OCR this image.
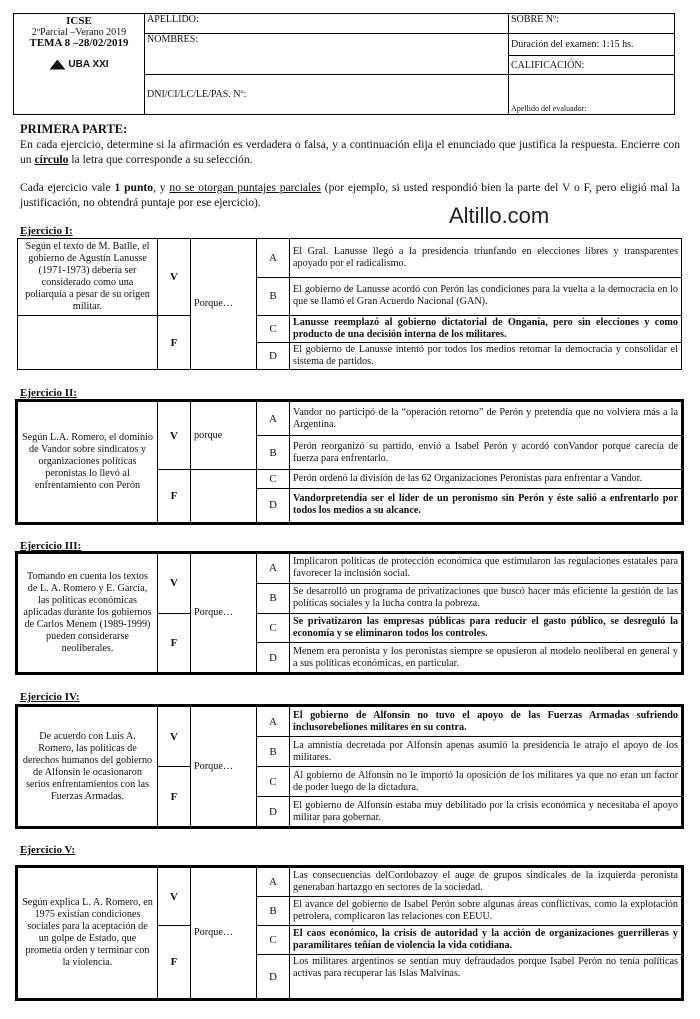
ICSE
2ºParcial –Verano 2019
TEMA 8 –28/02/2019
UBA XXI	APELLIDO:	SOBRE Nº:
	NOMBRES:	Duración del examen: 1:15 hs.
CALIFICACIÓN:

	DNI/CI/LC/LE/PAS. Nº:	Apellido del evaluador:
PRIMERA PARTE:
En cada ejercicio, determine si la afirmación es verdadera o falsa, y a continuación elija el enunciado que justifica la respuesta. Encierre con un círculo la letra que corresponde a su selección.
Cada ejercicio vale 1 punto, y no se otorgan puntajes parciales (por ejemplo, si usted respondió bien la parte del V o F, pero eligió mal la justificación, no obtendrá puntaje por ese ejercicio).
Altillo.com
Ejercicio I:
Según el texto de M. Batlle, el gobierno de Agustín Lanusse (1971-1973) debería ser considerado como una poliarquía a pesar de su origen militar.	V	Porque…	A	El Gral. Lanusse llegó a la presidencia triunfando en elecciones libres y transparentes apoyado por el radicalismo.
			B	El gobierno de Lanusse acordó con Perón las condiciones para la vuelta a la democracia en lo que se llamó el Gran Acuerdo Nacional (GAN).
	F		C	Lanusse reemplazó al gobierno dictatorial de Onganía, pero sin elecciones y como producto de una decisión interna de los militares.
			D	El gobierno de Lanusse intentó por todos los medios retomar la democracia y consolidar el sistema de partidos.
Ejercicio II:
Según L.A. Romero, el dominio de Vandor sobre sindicatos y organizaciones políticas peronistas lo llevó al enfrentamiento con Perón	V	porque	A	Vandor no participó de la “operación retorno” de Perón y pretendía que no volviera más a la Argentina.
			B	Perón reorganizó su partido, envió a Isabel Perón y acordó conVandor porque carecía de fuerza para enfrentarlo.
	F		C	Perón ordenó la división de las 62 Organizaciones Peronistas para enfrentar a Vandor.
			D	Vandorpretendía ser el líder de un peronismo sin Perón y éste salió a enfrentarlo por todos los medios a su alcance.
Ejercicio III:
Tomando en cuenta los textos de L. A. Romero y E. García, las políticas económicas aplicadas durante los gobiernos de Carlos Menem (1989-1999) pueden considerarse neoliberales.	V	Porque…	A	Implicaron políticas de protección económica que estimularon las regulaciones estatales para favorecer la inclusión social.
			B	Se desarrolló un programa de privatizaciones que buscó hacer más eficiente la gestión de las políticas sociales y la lucha contra la pobreza.
	F		C	Se privatizaron las empresas públicas para reducir el gasto público, se desreguló la economía y se eliminaron todos los controles.
			D	Menem era peronista y los peronistas siempre se opusieron al modelo neoliberal en general y a sus políticas económicas, en particular.
Ejercicio IV:
De acuerdo con Luis A. Romero, las políticas de derechos humanos del gobierno de Alfonsín le ocasionaron serios enfrentamientos con las Fuerzas Armadas.	V	Porque…	A	El gobierno de Alfonsín no tuvo el apoyo de las Fuerzas Armadas sufriendo inclusorebeliones militares en su contra.
			B	La amnistía decretada por Alfonsín apenas asumió la presidencia le atrajo el apoyo de los militares.
	F		C	Al gobierno de Alfonsín no le importó la oposición de los militares ya que no eran un factor de poder luego de la dictadura.
			D	El gobierno de Alfonsín estaba muy debilitado por la crisis económica y necesitaba el apoyo militar para gobernar.
Ejercicio V:
Según explica L. A. Romero, en 1975 existían condiciones sociales para la aceptación de un golpe de Estado, que prometía orden y terminar con la violencia.	V	Porque…	A	Las consecuencias delCordobazoy el auge de grupos sindicales de la izquierda peronista generaban hartazgo en sectores de la sociedad.
			B	El avance del gobierno de Isabel Perón sobre algunas áreas conflictivas, como la explotación petrolera, complicaron las relaciones con EEUU.
	F		C	El caos económico, la crisis de autoridad y la acción de organizaciones guerrilleras y paramilitares teñían de violencia la vida cotidiana.
			D	Los militares argentinos se sentían muy defraudados porque Isabel Perón no tenía políticas activas para recuperar las Islas Malvinas.
